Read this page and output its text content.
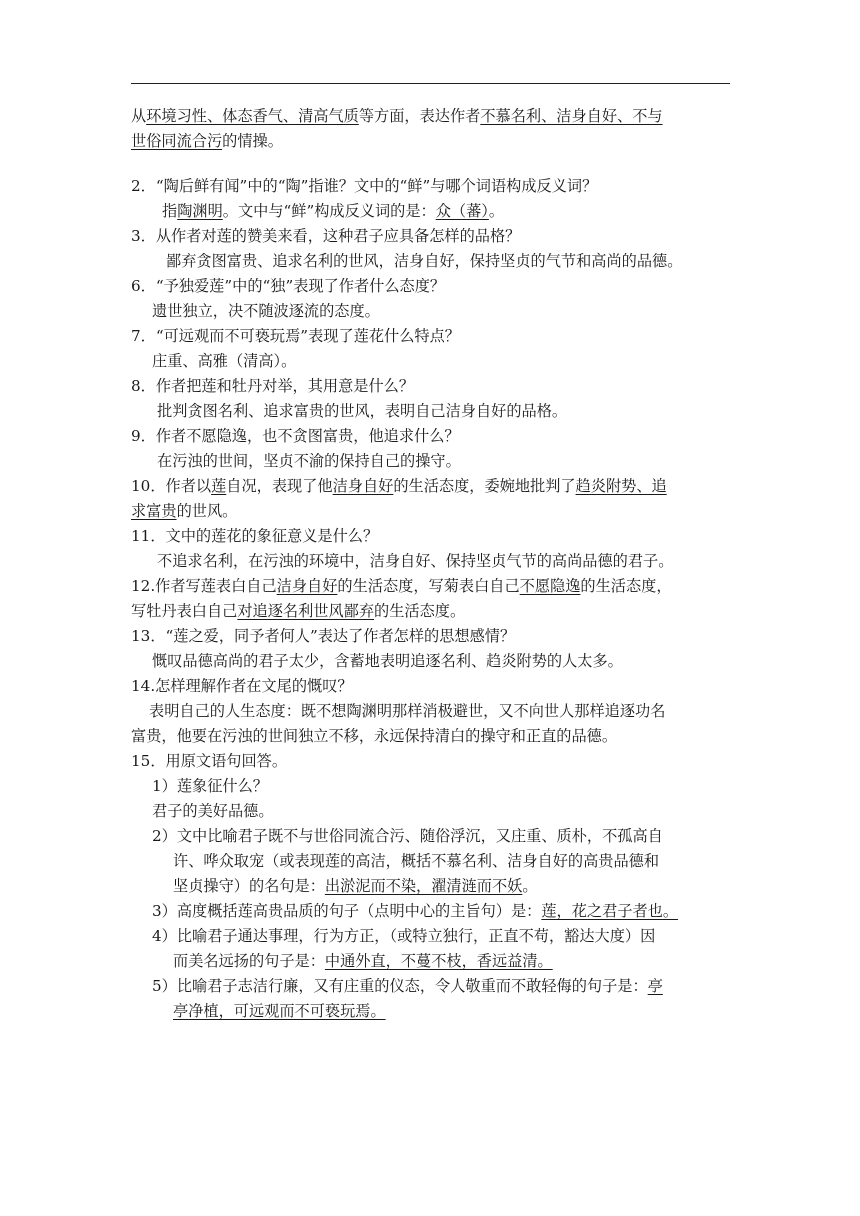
从环境习性、体态香气、清高气质等方面，表达作者不慕名利、洁身自好、不与

世俗同流合污的情操。

2．“陶后鲜有闻”中的“陶”指谁？文中的“鲜”与哪个词语构成反义词？

指陶渊明。文中与“鲜”构成反义词的是：众（蕃）。

3．从作者对莲的赞美来看，这种君子应具备怎样的品格？

鄙弃贪图富贵、追求名利的世风，洁身自好，保持坚贞的气节和高尚的品德。

6．“予独爱莲”中的“独”表现了作者什么态度？

遗世独立，决不随波逐流的态度。

7．“可远观而不可亵玩焉”表现了莲花什么特点？

庄重、高雅（清高）。

8．作者把莲和牡丹对举，其用意是什么？

批判贪图名利、追求富贵的世风，表明自己洁身自好的品格。

9．作者不愿隐逸，也不贪图富贵，他追求什么？

在污浊的世间，坚贞不渝的保持自己的操守。

10．作者以莲自况，表现了他洁身自好的生活态度，委婉地批判了趋炎附势、追

求富贵的世风。

11．文中的莲花的象征意义是什么？

不追求名利，在污浊的环境中，洁身自好、保持坚贞气节的高尚品德的君子。

12.作者写莲表白自己洁身自好的生活态度，写菊表白自己不愿隐逸的生活态度，

写牡丹表白自己对追逐名利世风鄙弃的生活态度。

13．“莲之爱，同予者何人”表达了作者怎样的思想感情？

慨叹品德高尚的君子太少，含蓄地表明追逐名利、趋炎附势的人太多。

14.怎样理解作者在文尾的慨叹？

表明自己的人生态度：既不想陶渊明那样消极避世，又不向世人那样追逐功名

富贵，他要在污浊的世间独立不移，永远保持清白的操守和正直的品德。

15．用原文语句回答。

1）莲象征什么？

君子的美好品德。

2）文中比喻君子既不与世俗同流合污、随俗浮沉，又庄重、质朴，不孤高自

许、哗众取宠（或表现莲的高洁，概括不慕名利、洁身自好的高贵品德和

坚贞操守）的名句是：出淤泥而不染，濯清涟而不妖。

3）高度概括莲高贵品质的句子（点明中心的主旨句）是：莲，花之君子者也。

4）比喻君子通达事理，行为方正，（或特立独行，正直不苟，豁达大度）因

而美名远扬的句子是：中通外直，不蔓不枝，香远益清。

5）比喻君子志洁行廉，又有庄重的仪态，令人敬重而不敢轻侮的句子是：亭

亭净植，可远观而不可亵玩焉。
